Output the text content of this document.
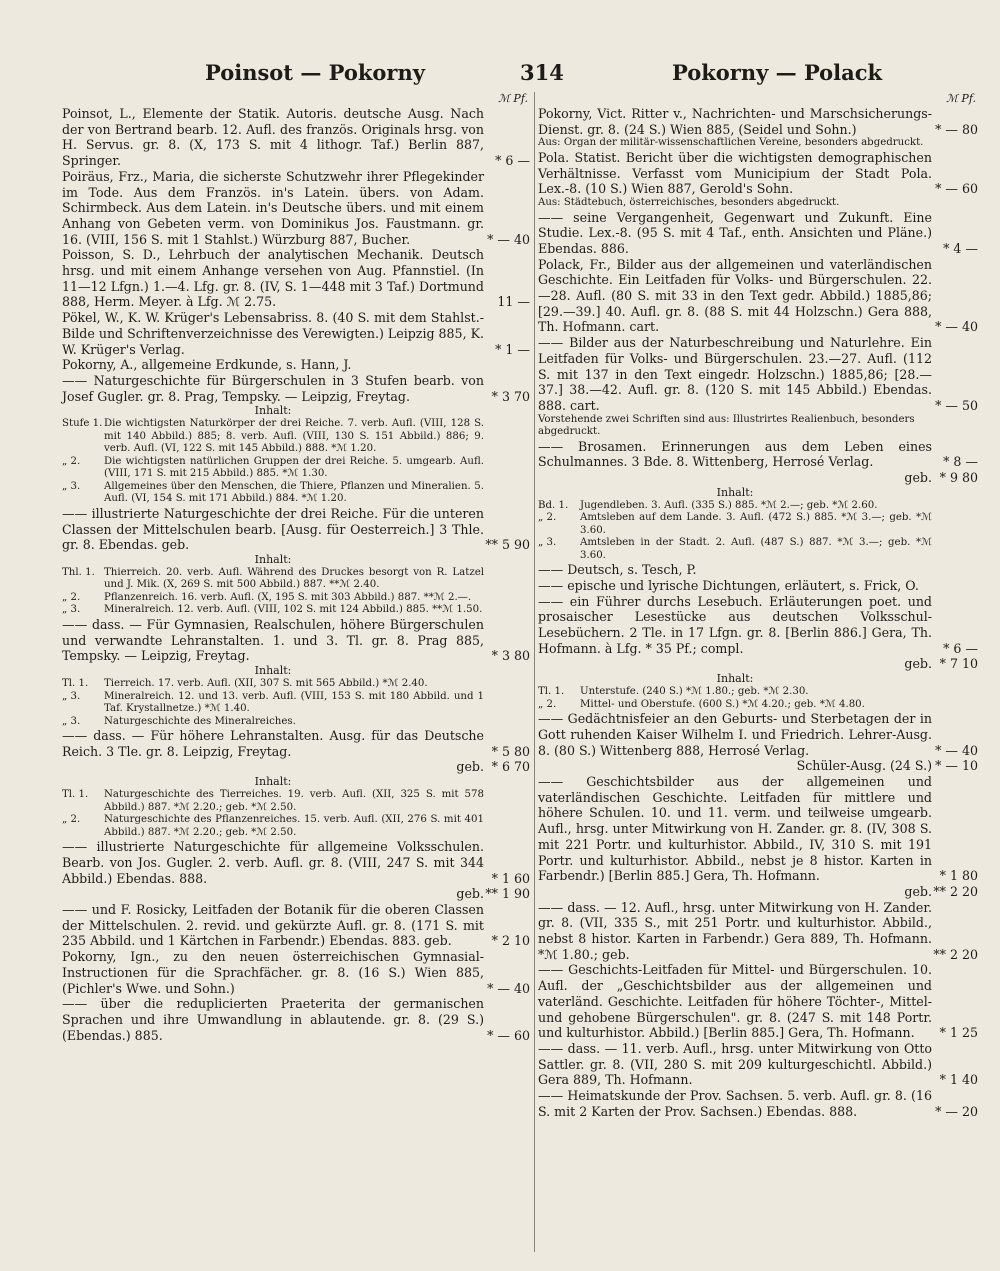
Poinsot — Pokorny	314	Pokorny — Polack
ℳ Pf.
Poinsot, L., Elemente der Statik. Autoris. deutsche Ausg. Nach der von Bertrand bearb. 12. Aufl. des französ. Originals hrsg. von H. Servus. gr. 8. (X, 173 S. mit 4 lithogr. Taf.) Berlin 887, Springer.	* 6 —
Poiräus, Frz., Maria, die sicherste Schutzwehr ihrer Pflegekinder im Tode. Aus dem Französ. in's Latein. übers. von Adam. Schirmbeck. Aus dem Latein. in's Deutsche übers. und mit einem Anhang von Gebeten verm. von Dominikus Jos. Faustmann. gr. 16. (VIII, 156 S. mit 1 Stahlst.) Würzburg 887, Bucher.	* — 40
Poisson, S. D., Lehrbuch der analytischen Mechanik. Deutsch hrsg. und mit einem Anhange versehen von Aug. Pfannstiel. (In 11—12 Lfgn.) 1.—4. Lfg. gr. 8. (IV, S. 1—448 mit 3 Taf.) Dortmund 888, Herm. Meyer. à Lfg. ℳ 2.75.	11 —
Pökel, W., K. W. Krüger's Lebensabriss. 8. (40 S. mit dem Stahlst.-Bilde und Schriftenverzeichnisse des Verewigten.) Leipzig 885, K. W. Krüger's Verlag.	* 1 —
Pokorny, A., allgemeine Erdkunde, s. Hann, J.
—— Naturgeschichte für Bürgerschulen in 3 Stufen bearb. von Josef Gugler. gr. 8. Prag, Tempsky. — Leipzig, Freytag.	* 3 70
Inhalt:
Stufe 1. Die wichtigsten Naturkörper der drei Reiche. 7. verb. Aufl. (VIII, 128 S. mit 140 Abbild.) 885; 8. verb. Aufl. (VIII, 130 S. 151 Abbild.) 886; 9. verb. Aufl. (VI, 122 S. mit 145 Abbild.) 888. *ℳ 1.20.
„ 2. Die wichtigsten natürlichen Gruppen der drei Reiche. 5. umgearb. Aufl. (VIII, 171 S. mit 215 Abbild.) 885. *ℳ 1.30.
„ 3. Allgemeines über den Menschen, die Thiere, Pflanzen und Mineralien. 5. Aufl. (VI, 154 S. mit 171 Abbild.) 884. *ℳ 1.20.
—— illustrierte Naturgeschichte der drei Reiche. Für die unteren Classen der Mittelschulen bearb. [Ausg. für Oesterreich.] 3 Thle. gr. 8. Ebendas. geb.	** 5 90
Inhalt:
Thl. 1. Thierreich. 20. verb. Aufl. Während des Druckes besorgt von R. Latzel und J. Mik. (X, 269 S. mit 500 Abbild.) 887. **ℳ 2.40.
„ 2. Pflanzenreich. 16. verb. Aufl. (X, 195 S. mit 303 Abbild.) 887. **ℳ 2.—.
„ 3. Mineralreich. 12. verb. Aufl. (VIII, 102 S. mit 124 Abbild.) 885. **ℳ 1.50.
—— dass. — Für Gymnasien, Realschulen, höhere Bürgerschulen und verwandte Lehranstalten. 1. und 3. Tl. gr. 8. Prag 885, Tempsky. — Leipzig, Freytag.	* 3 80
Inhalt:
Tl. 1. Tierreich. 17. verb. Aufl. (XII, 307 S. mit 565 Abbild.) *ℳ 2.40.
„ 3. Mineralreich. 12. und 13. verb. Aufl. (VIII, 153 S. mit 180 Abbild. und 1 Taf. Krystallnetze.) *ℳ 1.40.
„ 3. Naturgeschichte des Mineralreiches.
—— dass. — Für höhere Lehranstalten. Ausg. für das Deutsche Reich. 3 Tle. gr. 8. Leipzig, Freytag.	* 5 80
geb. * 6 70
Inhalt:
Tl. 1. Naturgeschichte des Tierreiches. 19. verb. Aufl. (XII, 325 S. mit 578 Abbild.) 887. *ℳ 2.20.; geb. *ℳ 2.50.
„ 2. Naturgeschichte des Pflanzenreiches. 15. verb. Aufl. (XII, 276 S. mit 401 Abbild.) 887. *ℳ 2.20.; geb. *ℳ 2.50.
—— illustrierte Naturgeschichte für allgemeine Volksschulen. Bearb. von Jos. Gugler. 2. verb. Aufl. gr. 8. (VIII, 247 S. mit 344 Abbild.) Ebendas. 888.	* 1 60
geb. ** 1 90
—— und F. Rosicky, Leitfaden der Botanik für die oberen Classen der Mittelschulen. 2. revid. und gekürzte Aufl. gr. 8. (171 S. mit 235 Abbild. und 1 Kärtchen in Farbendr.) Ebendas. 883. geb.	* 2 10
Pokorny, Ign., zu den neuen österreichischen Gymnasial-Instructionen für die Sprachfächer. gr. 8. (16 S.) Wien 885, (Pichler's Wwe. und Sohn.)	* — 40
—— über die reduplicierten Praeterita der germanischen Sprachen und ihre Umwandlung in ablautende. gr. 8. (29 S.) (Ebendas.) 885.	* — 60
ℳ Pf.
Pokorny, Vict. Ritter v., Nachrichten- und Marschsicherungs-Dienst. gr. 8. (24 S.) Wien 885, (Seidel und Sohn.)	* — 80
Aus: Organ der militär-wissenschaftlichen Vereine, besonders abgedruckt.
Pola. Statist. Bericht über die wichtigsten demographischen Verhältnisse. Verfasst vom Municipium der Stadt Pola. Lex.-8. (10 S.) Wien 887, Gerold's Sohn.	* — 60
Aus: Städtebuch, österreichisches, besonders abgedruckt.
—— seine Vergangenheit, Gegenwart und Zukunft. Eine Studie. Lex.-8. (95 S. mit 4 Taf., enth. Ansichten und Pläne.) Ebendas. 886.	* 4 —
Polack, Fr., Bilder aus der allgemeinen und vaterländischen Geschichte. Ein Leitfaden für Volks- und Bürgerschulen. 22.—28. Aufl. (80 S. mit 33 in den Text gedr. Abbild.) 1885,86; [29.—39.] 40. Aufl. gr. 8. (88 S. mit 44 Holzschn.) Gera 888, Th. Hofmann. cart.	* — 40
—— Bilder aus der Naturbeschreibung und Naturlehre. Ein Leitfaden für Volks- und Bürgerschulen. 23.—27. Aufl. (112 S. mit 137 in den Text eingedr. Holzschn.) 1885,86; [28.—37.] 38.—42. Aufl. gr. 8. (120 S. mit 145 Abbild.) Ebendas. 888. cart.	* — 50
Vorstehende zwei Schriften sind aus: Illustrirtes Realienbuch, besonders abgedruckt.
—— Brosamen. Erinnerungen aus dem Leben eines Schulmannes. 3 Bde. 8. Wittenberg, Herrosé Verlag.	* 8 —
geb. * 9 80
Inhalt:
Bd. 1. Jugendleben. 3. Aufl. (335 S.) 885. *ℳ 2.—; geb. *ℳ 2.60.
„ 2. Amtsleben auf dem Lande. 3. Aufl. (472 S.) 885. *ℳ 3.—; geb. *ℳ 3.60.
„ 3. Amtsleben in der Stadt. 2. Aufl. (487 S.) 887. *ℳ 3.—; geb. *ℳ 3.60.
—— Deutsch, s. Tesch, P.
—— epische und lyrische Dichtungen, erläutert, s. Frick, O.
—— ein Führer durchs Lesebuch. Erläuterungen poet. und prosaischer Lesestücke aus deutschen Volksschul-Lesebüchern. 2 Tle. in 17 Lfgn. gr. 8. [Berlin 886.] Gera, Th. Hofmann. à Lfg. * 35 Pf.; compl.	* 6 —
geb. * 7 10
Inhalt:
Tl. 1. Unterstufe. (240 S.) *ℳ 1.80.; geb. *ℳ 2.30.
„ 2. Mittel- und Oberstufe. (600 S.) *ℳ 4.20.; geb. *ℳ 4.80.
—— Gedächtnisfeier an den Geburts- und Sterbetagen der in Gott ruhenden Kaiser Wilhelm I. und Friedrich. Lehrer-Ausg. 8. (80 S.) Wittenberg 888, Herrosé Verlag.	* — 40
Schüler-Ausg. (24 S.) * — 10
—— Geschichtsbilder aus der allgemeinen und vaterländischen Geschichte. Leitfaden für mittlere und höhere Schulen. 10. und 11. verm. und teilweise umgearb. Aufl., hrsg. unter Mitwirkung von H. Zander. gr. 8. (IV, 308 S. mit 221 Portr. und kulturhistor. Abbild., IV, 310 S. mit 191 Portr. und kulturhistor. Abbild., nebst je 8 histor. Karten in Farbendr.) [Berlin 885.] Gera, Th. Hofmann.	* 1 80
geb. ** 2 20
—— dass. — 12. Aufl., hrsg. unter Mitwirkung von H. Zander. gr. 8. (VII, 335 S., mit 251 Portr. und kulturhistor. Abbild., nebst 8 histor. Karten in Farbendr.) Gera 889, Th. Hofmann. *ℳ 1.80.; geb.	** 2 20
—— Geschichts-Leitfaden für Mittel- und Bürgerschulen. 10. Aufl. der „Geschichtsbilder aus der allgemeinen und vaterländ. Geschichte. Leitfaden für höhere Töchter-, Mittel- und gehobene Bürgerschulen". gr. 8. (247 S. mit 148 Portr. und kulturhistor. Abbild.) [Berlin 885.] Gera, Th. Hofmann.	* 1 25
—— dass. — 11. verb. Aufl., hrsg. unter Mitwirkung von Otto Sattler. gr. 8. (VII, 280 S. mit 209 kulturgeschichtl. Abbild.) Gera 889, Th. Hofmann.	* 1 40
—— Heimatskunde der Prov. Sachsen. 5. verb. Aufl. gr. 8. (16 S. mit 2 Karten der Prov. Sachsen.) Ebendas. 888.	* — 20
